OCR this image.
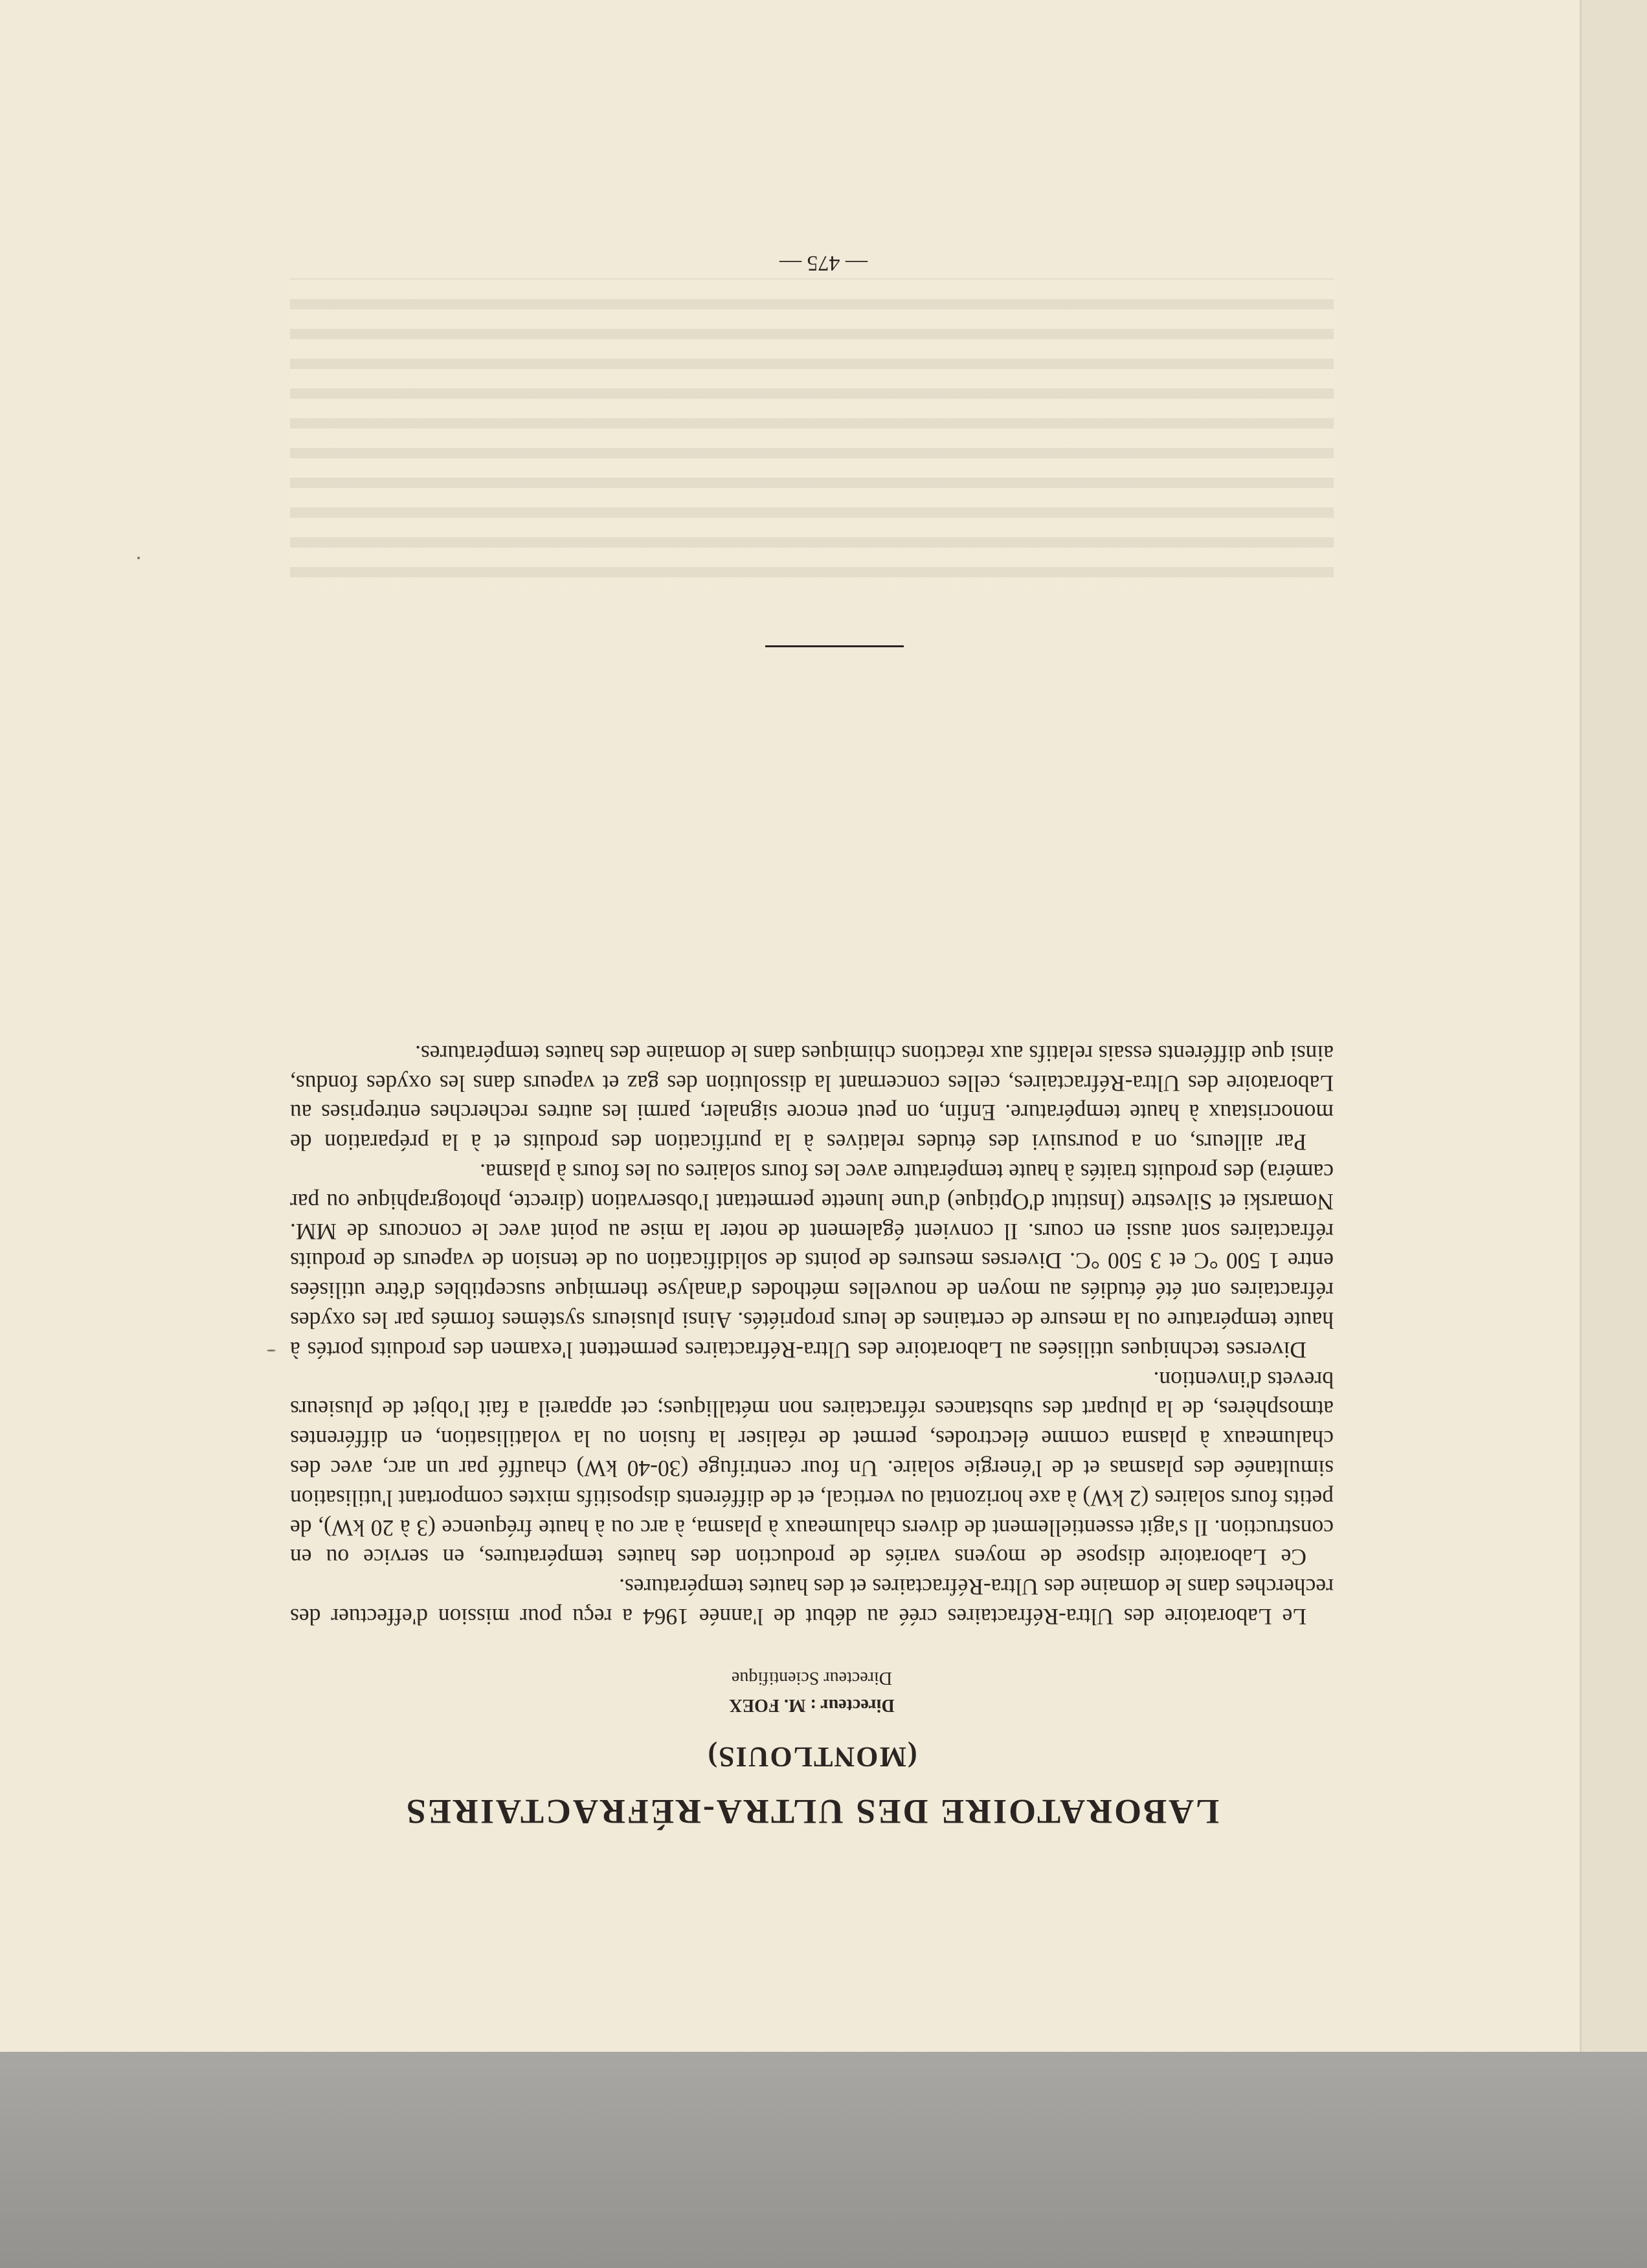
LABORATOIRE DES ULTRA-RÉFRACTAIRES
(MONTLOUIS)
Directeur : M. FOEX
Directeur Scientifique

Le Laboratoire des Ultra-Réfractaires créé au début de l'année 1964 a reçu pour mission d'effectuer des recherches dans le domaine des Ultra-Réfractaires et des hautes températures.

Ce Laboratoire dispose de moyens variés de production des hautes températures, en service ou en construction. Il s'agit essentiellement de divers chalumeaux à plasma, à arc ou à haute fréquence (3 à 20 kW), de petits fours solaires (2 kW) à axe horizontal ou vertical, et de différents dispositifs mixtes comportant l'utilisation simultanée des plasmas et de l'énergie solaire. Un four centrifuge (30-40 kW) chauffé par un arc, avec des chalumeaux à plasma comme électrodes, permet de réaliser la fusion ou la volatilisation, en différentes atmosphères, de la plupart des substances réfractaires non métalliques; cet appareil a fait l'objet de plusieurs brevets d'invention.

Diverses techniques utilisées au Laboratoire des Ultra-Réfractaires permettent l'examen des produits portés à haute température ou la mesure de certaines de leurs propriétés. Ainsi plusieurs systèmes formés par les oxydes réfractaires ont été étudiés au moyen de nouvelles méthodes d'analyse thermique susceptibles d'être utilisées entre 1 500 °C et 3 500 °C. Diverses mesures de points de solidification ou de tension de vapeurs de produits réfractaires sont aussi en cours. Il convient également de noter la mise au point avec le concours de MM. Nomarski et Silvestre (Institut d'Optique) d'une lunette permettant l'observation (directe, photographique ou par caméra) des produits traités à haute température avec les fours solaires ou les fours à plasma.

Par ailleurs, on a poursuivi des études relatives à la purification des produits et à la préparation de monocristaux à haute température. Enfin, on peut encore signaler, parmi les autres recherches entreprises au Laboratoire des Ultra-Réfractaires, celles concernant la dissolution des gaz et vapeurs dans les oxydes fondus, ainsi que différents essais relatifs aux réactions chimiques dans le domaine des hautes températures.

— 475 —
